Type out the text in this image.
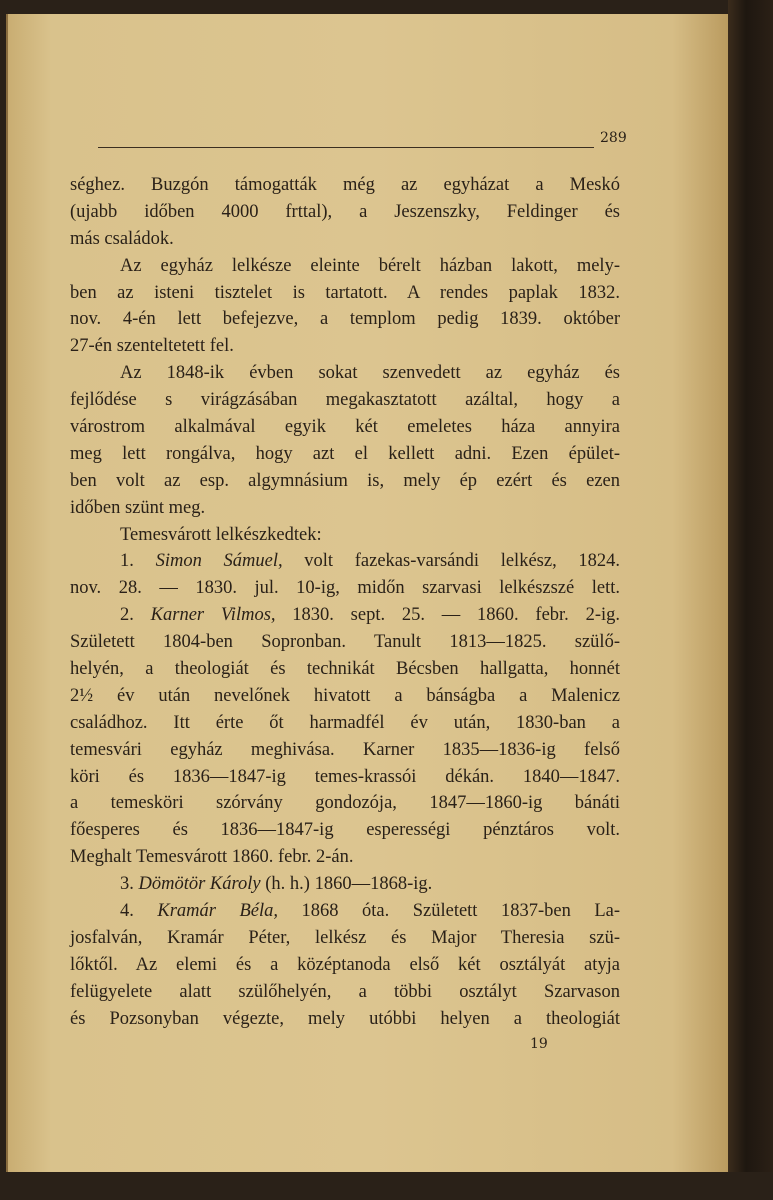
289
séghez. Buzgón támogatták még az egyházat a Meskó
(ujabb időben 4000 frttal), a Jeszenszky, Feldinger és
más családok.
Az egyház lelkésze eleinte bérelt házban lakott, mely-
ben az isteni tisztelet is tartatott. A rendes paplak 1832.
nov. 4-én lett befejezve, a templom pedig 1839. október
27-én szenteltetett fel.
Az 1848-ik évben sokat szenvedett az egyház és
fejlődése s virágzásában megakasztatott azáltal, hogy a
várostrom alkalmával egyik két emeletes háza annyira
meg lett rongálva, hogy azt el kellett adni. Ezen épület-
ben volt az esp. algymnásium is, mely ép ezért és ezen
időben szünt meg.
Temesvárott lelkészkedtek:
1. Simon Sámuel, volt fazekas-varsándi lelkész, 1824.
nov. 28. — 1830. jul. 10-ig, midőn szarvasi lelkészszé lett.
2. Karner Vilmos, 1830. sept. 25. — 1860. febr. 2-ig.
Született 1804-ben Sopronban. Tanult 1813—1825. szülő-
helyén, a theologiát és technikát Bécsben hallgatta, honnét
2½ év után nevelőnek hivatott a bánságba a Malenicz
családhoz. Itt érte őt harmadfél év után, 1830-ban a
temesvári egyház meghivása. Karner 1835—1836-ig felső
köri és 1836—1847-ig temes-krassói dékán. 1840—1847.
a temesköri szórvány gondozója, 1847—1860-ig bánáti
főesperes és 1836—1847-ig esperességi pénztáros volt.
Meghalt Temesvárott 1860. febr. 2-án.
3. Dömötör Károly (h. h.) 1860—1868-ig.
4. Kramár Béla, 1868 óta. Született 1837-ben La-
josfalván, Kramár Péter, lelkész és Major Theresia szü-
lőktől. Az elemi és a középtanoda első két osztályát atyja
felügyelete alatt szülőhelyén, a többi osztályt Szarvason
és Pozsonyban végezte, mely utóbbi helyen a theologiát
19
